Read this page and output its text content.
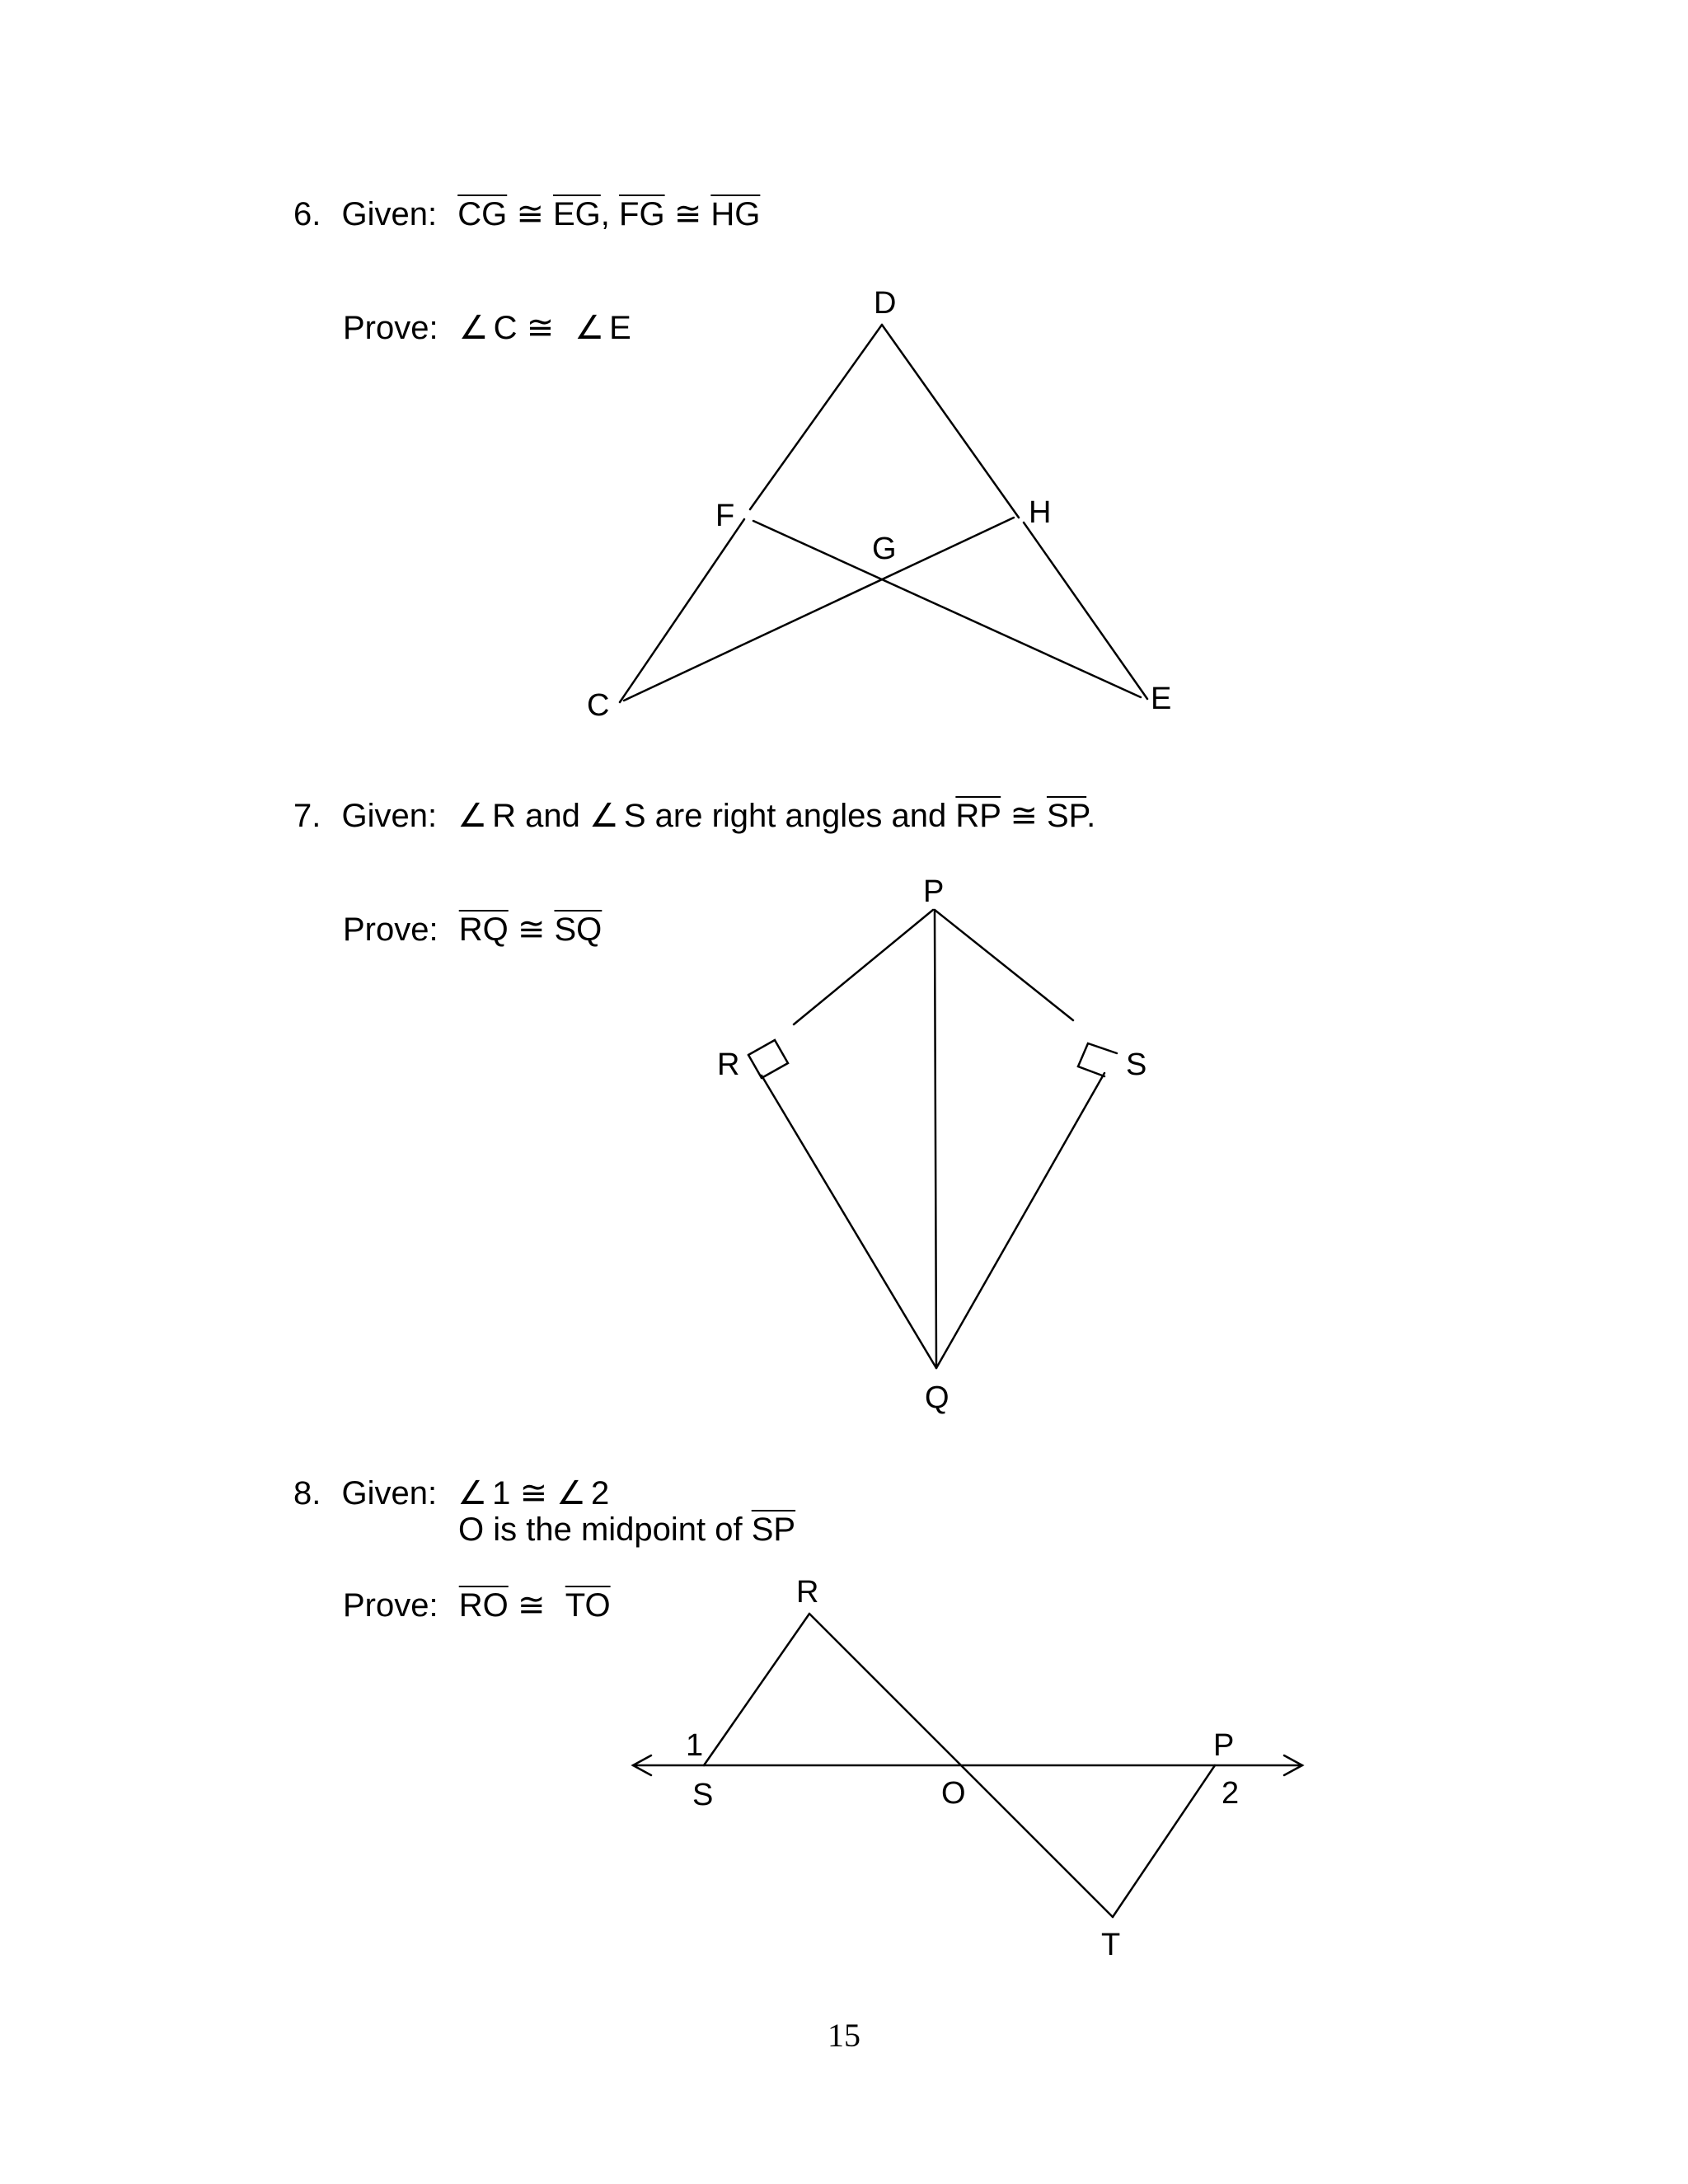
6. Given: $\overline{CG}$ ≅ $\overline{EG}$, $\overline{FG}$ ≅ $\overline{HG}$
Prove: ∠ C ≅ ∠ E
7. Given: ∠ R and ∠ S are right angles and $\overline{RP}$ ≅ $\overline{SP}$.
Prove: $\overline{RQ}$ ≅ $\overline{SQ}$
8. Given: ∠ 1 ≅ ∠ 2
O is the midpoint of $\overline{SP}$
Prove: $\overline{RO}$ ≅ $\overline{TO}$
D
F	H
G
C	E
P
R	S
Q
R
1
S	O
P
2
T
15
